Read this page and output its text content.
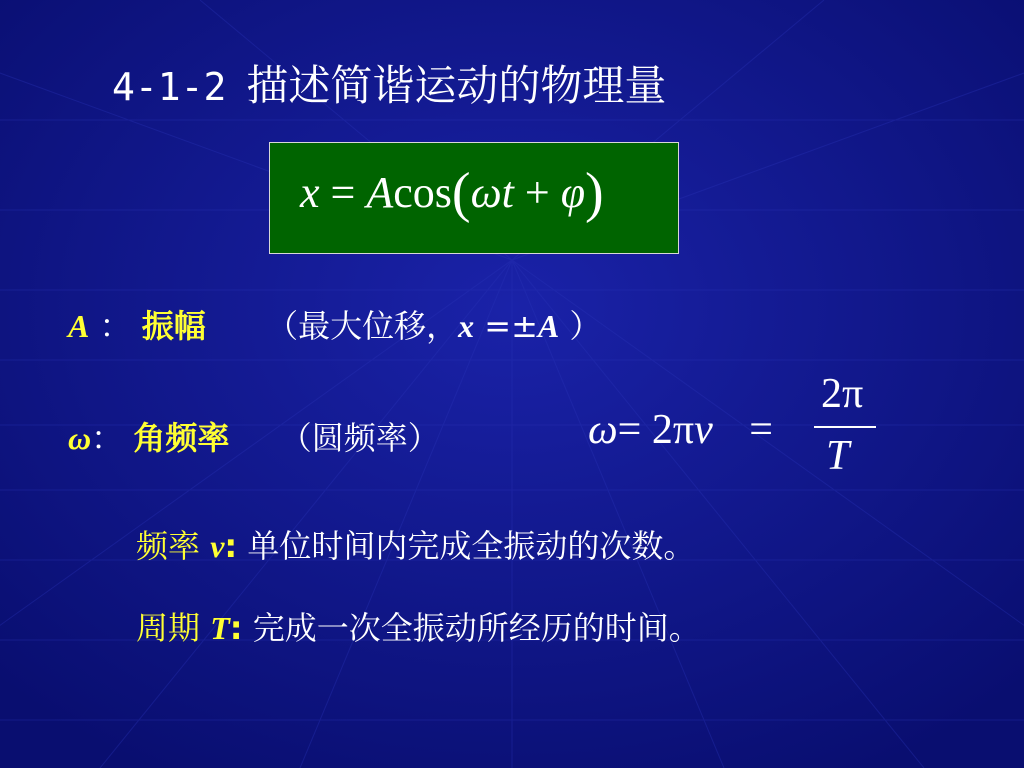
4-1-2 描述简谐运动的物理量
x = Acos(ωt + φ)
A ： 振幅 （最大位移，x =±A ）
ω： 角频率 （圆频率）	ω= 2πν =
2π
T
频率 ν: 单位时间内完成全振动的次数。
周期 T: 完成一次全振动所经历的时间。
